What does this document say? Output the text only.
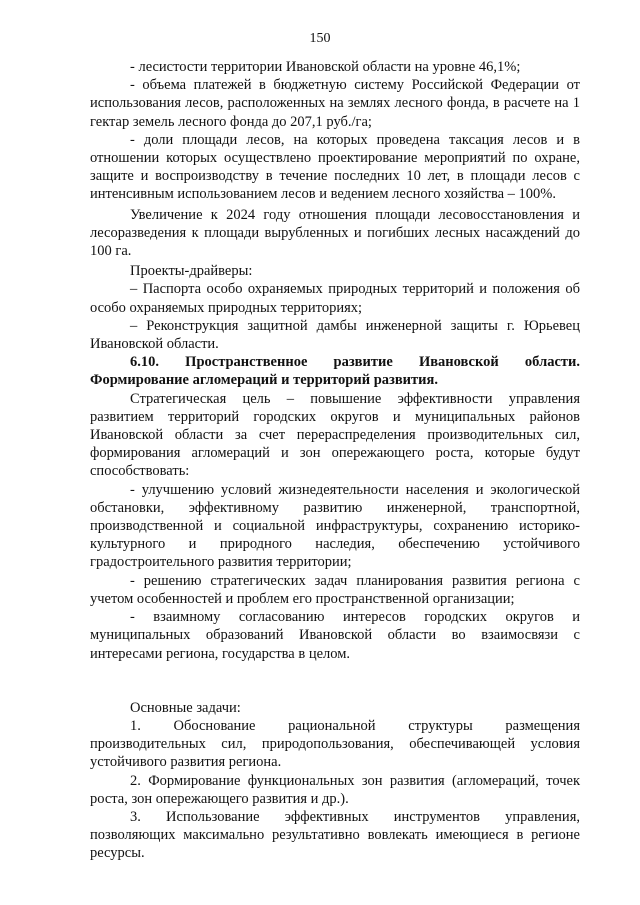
150

- лесистости территории Ивановской области на уровне 46,1%;

- объема платежей в бюджетную систему Российской Федерации от использования лесов, расположенных на землях лесного фонда, в расчете на 1 гектар земель лесного фонда до 207,1 руб./га;

- доли площади лесов, на которых проведена таксация лесов и в отношении которых осуществлено проектирование мероприятий по охране, защите и воспроизводству в течение последних 10 лет, в площади лесов с интенсивным использованием лесов и ведением лесного хозяйства – 100%.

Увеличение к 2024 году отношения площади лесовосстановления и лесоразведения к площади вырубленных и погибших лесных насаждений до 100 га.

Проекты-драйверы:

– Паспорта особо охраняемых природных территорий и положения об особо охраняемых природных территориях;

– Реконструкция защитной дамбы инженерной защиты г. Юрьевец Ивановской области.

6.10. Пространственное развитие Ивановской области. Формирование агломераций и территорий развития.

Стратегическая цель – повышение эффективности управления развитием территорий городских округов и муниципальных районов Ивановской области за счет перераспределения производительных сил, формирования агломераций и зон опережающего роста, которые будут способствовать:

- улучшению условий жизнедеятельности населения и экологической обстановки, эффективному развитию инженерной, транспортной, производственной и социальной инфраструктуры, сохранению историко-культурного и природного наследия, обеспечению устойчивого градостроительного развития территории;

- решению стратегических задач планирования развития региона с учетом особенностей и проблем его пространственной организации;

- взаимному согласованию интересов городских округов и муниципальных образований Ивановской области во взаимосвязи с интересами региона, государства в целом.

Основные задачи:

1. Обоснование рациональной структуры размещения производительных сил, природопользования, обеспечивающей условия устойчивого развития региона.

2. Формирование функциональных зон развития (агломераций, точек роста, зон опережающего развития и др.).

3. Использование эффективных инструментов управления, позволяющих максимально результативно вовлекать имеющиеся в регионе ресурсы.
